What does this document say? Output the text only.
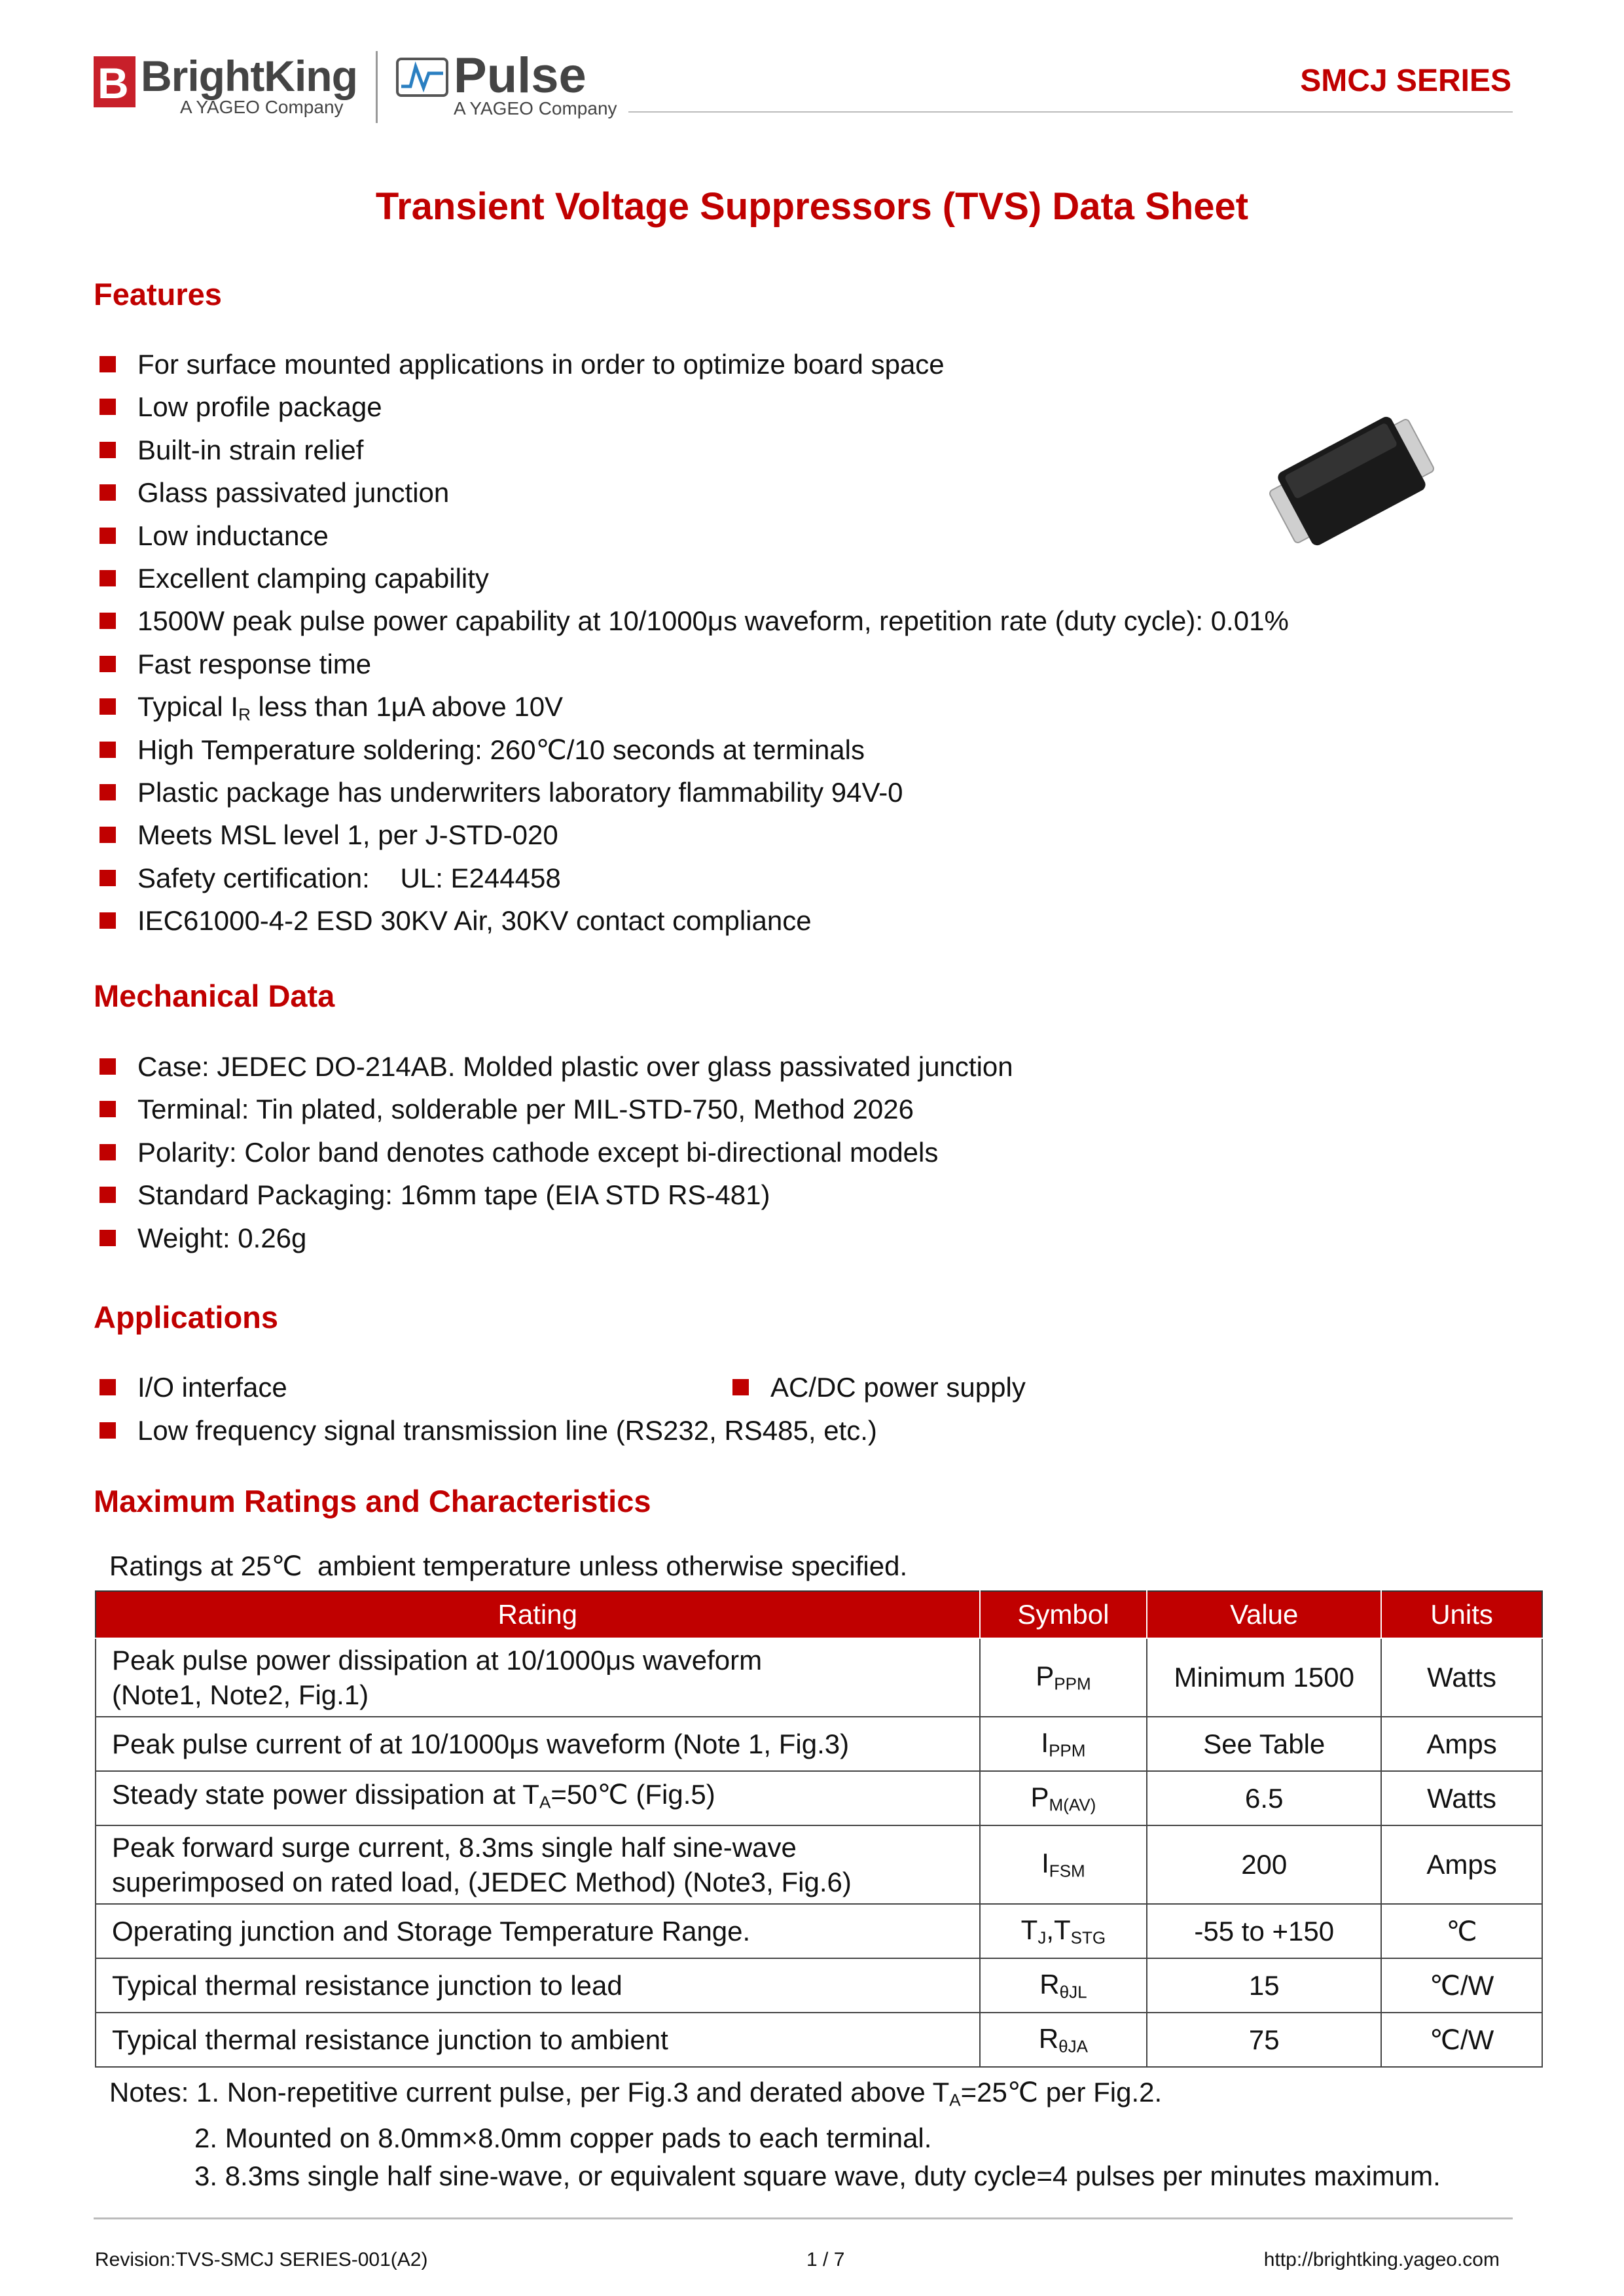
B BrightKing
A YAGEO Company
Pulse
A YAGEO Company
SMCJ SERIES
Transient Voltage Suppressors (TVS) Data Sheet
Features
For surface mounted applications in order to optimize board space
Low profile package
Built-in strain relief
Glass passivated junction
Low inductance
Excellent clamping capability
1500W peak pulse power capability at 10/1000μs waveform, repetition rate (duty cycle): 0.01%
Fast response time
Typical $I_R$ less than 1μA above 10V
High Temperature soldering: 260℃/10 seconds at terminals
Plastic package has underwriters laboratory flammability 94V-0
Meets MSL level 1, per J-STD-020
Safety certification:    UL: E244458
IEC61000-4-2 ESD 30KV Air, 30KV contact compliance
Mechanical Data
Case: JEDEC DO-214AB. Molded plastic over glass passivated junction
Terminal: Tin plated, solderable per MIL-STD-750, Method 2026
Polarity: Color band denotes cathode except bi-directional models
Standard Packaging: 16mm tape (EIA STD RS-481)
Weight: 0.26g
Applications
I/O interface	AC/DC power supply
Low frequency signal transmission line (RS232, RS485, etc.)
Maximum Ratings and Characteristics
Ratings at 25℃  ambient temperature unless otherwise specified.
Rating	Symbol	Value	Units
Peak pulse power dissipation at 10/1000μs waveform
(Note1, Note2, Fig.1)	$P_{PPM}$	Minimum 1500	Watts
Peak pulse current of at 10/1000μs waveform (Note 1, Fig.3)	$I_{PPM}$	See Table	Amps
Steady state power dissipation at $T_A=50℃$ (Fig.5)	$P_{M(AV)}$	6.5	Watts
Peak forward surge current, 8.3ms single half sine-wave
superimposed on rated load, (JEDEC Method) (Note3, Fig.6)	$I_{FSM}$	200	Amps
Operating junction and Storage Temperature Range.	$T_J,T_{STG}$	-55 to +150	℃
Typical thermal resistance junction to lead	$R_{\theta JL}$	15	℃/W
Typical thermal resistance junction to ambient	$R_{\theta JA}$	75	℃/W
Notes: 1. Non-repetitive current pulse, per Fig.3 and derated above $T_A=25℃$ per Fig.2.
2. Mounted on 8.0mm×8.0mm copper pads to each terminal.
3. 8.3ms single half sine-wave, or equivalent square wave, duty cycle=4 pulses per minutes maximum.
Revision:TVS-SMCJ SERIES-001(A2)	1 / 7	http://brightking.yageo.com
